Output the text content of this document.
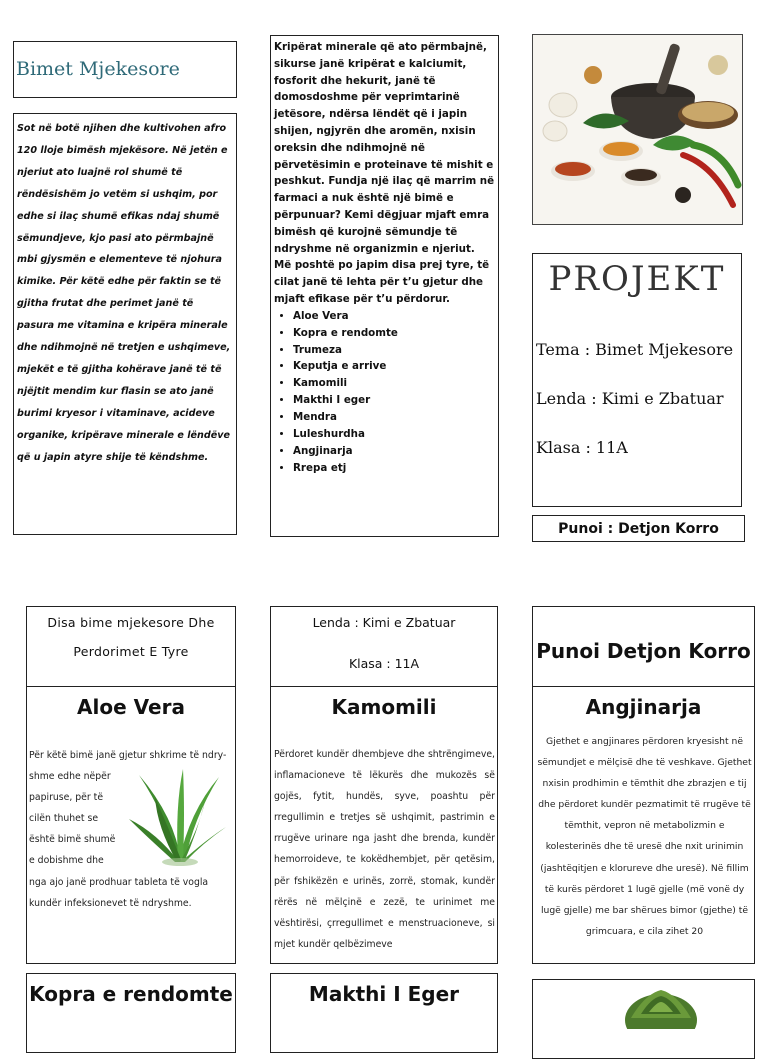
Bimet Mjekesore

Sot në botë njihen dhe kultivohen afro 120 lloje bimësh mjekësore. Në jetën e njeriut ato luajnë rol shumë të rëndësishëm jo vetëm si ushqim, por edhe si ilaç shumë efikas ndaj shumë sëmundjeve, kjo pasi ato përmbajnë mbi gjysmën e elementeve të njohura kimike. Për këtë edhe për faktin se të gjitha frutat dhe perimet janë të pasura me vitamina e kripëra minerale dhe ndihmojnë në tretjen e ushqimeve, mjekët e të gjitha kohërave janë të të njëjtit mendim kur flasin se ato janë burimi kryesor i vitaminave, acideve organike, kripërave minerale e lëndëve që u japin atyre shije të këndshme.

Kripërat minerale që ato përmbajnë, sikurse janë kripërat e kalciumit, fosforit dhe hekurit, janë të domosdoshme për veprimtarinë jetësore, ndërsa lëndët që i japin shijen, ngjyrën dhe aromën, nxisin oreksin dhe ndihmojnë në përvetësimin e proteinave të mishit e peshkut. Fundja një ilaç që marrim në farmaci a nuk është një bimë e përpunuar? Kemi dëgjuar mjaft emra bimësh që kurojnë sëmundje të ndryshme në organizmin e njeriut. Më poshtë po japim disa prej tyre, të cilat janë të lehta për t’u gjetur dhe mjaft efikase për t’u përdorur.

• Aloe Vera
• Kopra e rendomte
• Trumeza
• Keputja e arrive
• Kamomili
• Makthi I eger
• Mendra
• Luleshurdha
• Angjinarja
• Rrepa etj
PROJEKT
Tema : Bimet Mjekesore
Lenda : Kimi e Zbatuar
Klasa : 11A
Punoi : Detjon Korro
Disa bime mjekesore Dhe
Perdorimet E Tyre
Aloe Vera
Për këtë bimë janë gjetur shkrime të ndry-
shme edhe nëpër
papiruse, për të
cilën thuhet se
është bimë shumë
e dobishme dhe
nga ajo janë prodhuar tableta të vogla
kundër infeksionevet të ndryshme.
Lenda : Kimi e Zbatuar
Klasa : 11A
Kamomili
Përdoret kundër dhembjeve dhe shtrëngimeve, inflamacioneve të lëkurës dhe mukozës së gojës, fytit, hundës, syve, poashtu për rregullimin e tretjes së ushqimit, pastrimin e rrugëve urinare nga jasht dhe brenda, kundër hemorroideve, te kokëdhembjet, për qetësim, për fshikëzën e urinës, zorrë, stomak, kundër rërës në mëlçinë e zezë, te urinimet me vështirësi, çrregullimet e menstruacioneve, si mjet kundër qelbëzimeve
Punoi Detjon Korro
Angjinarja
Gjethet e angjinares përdoren kryesisht në sëmundjet e mëlçisë dhe të veshkave. Gjethet nxisin prodhimin e tëmthit dhe zbrazjen e tij dhe përdoret kundër pezmatimit të rrugëve të tëmthit, vepron në metabolizmin e kolesterinës dhe të uresë dhe nxit urinimin (jashtëqitjen e klorureve dhe uresë). Në fillim të kurës përdoret 1 lugë gjelle (më vonë dy lugë gjelle) me bar shërues bimor (gjethe) të grimcuara, e cila zihet 20
Kopra e rendomte	Makthi I Eger
